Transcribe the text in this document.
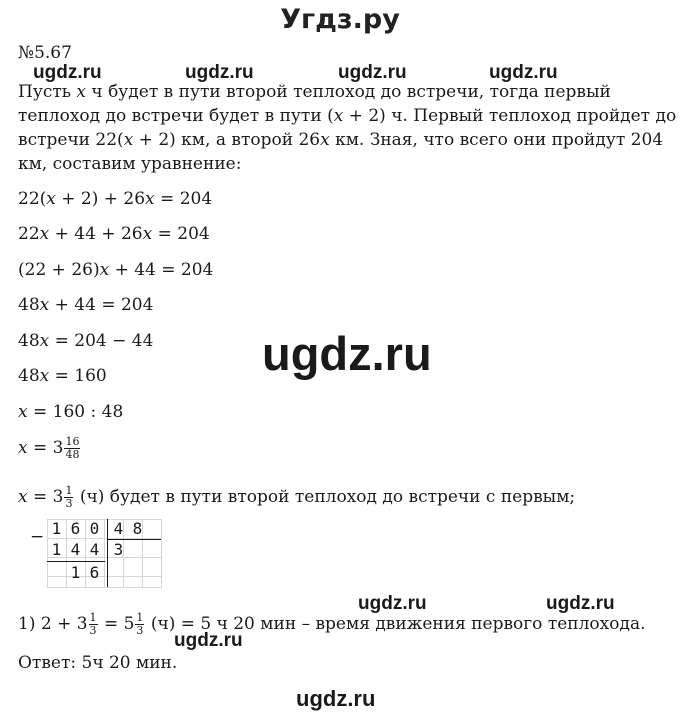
Угдз.ру
№5.67
Пусть x ч будет в пути второй теплоход до встречи, тогда первый
теплоход до встречи будет в пути (x + 2) ч. Первый теплоход пройдет до
встречи 22(x + 2) км, а второй 26x км. Зная, что всего они пройдут 204
км, составим уравнение:
ugdz.ru	ugdz.ru	ugdz.ru	ugdz.ru
22(x + 2) + 26x = 204
22x + 44 + 26x = 204
(22 + 26)x + 44 = 204
48x + 44 = 204
48x = 204 − 44
48x = 160
x = 160 : 48
$x = 3 \frac{16}{48}$
$x = 3 \frac{1}{3} (ч)$ будет в пути второй теплоход до встречи с первым;
ugdz.ru
− 1 6 0 4 8
1 4 4 3
1 6
1) $2 + 3 \frac{1}{3} = 5 \frac{1}{3} (ч) = 5$ ч 20 мин – время движения первого теплохода.
ugdz.ru	ugdz.ru
ugdz.ru
Ответ: 5ч 20 мин.
ugdz.ru
